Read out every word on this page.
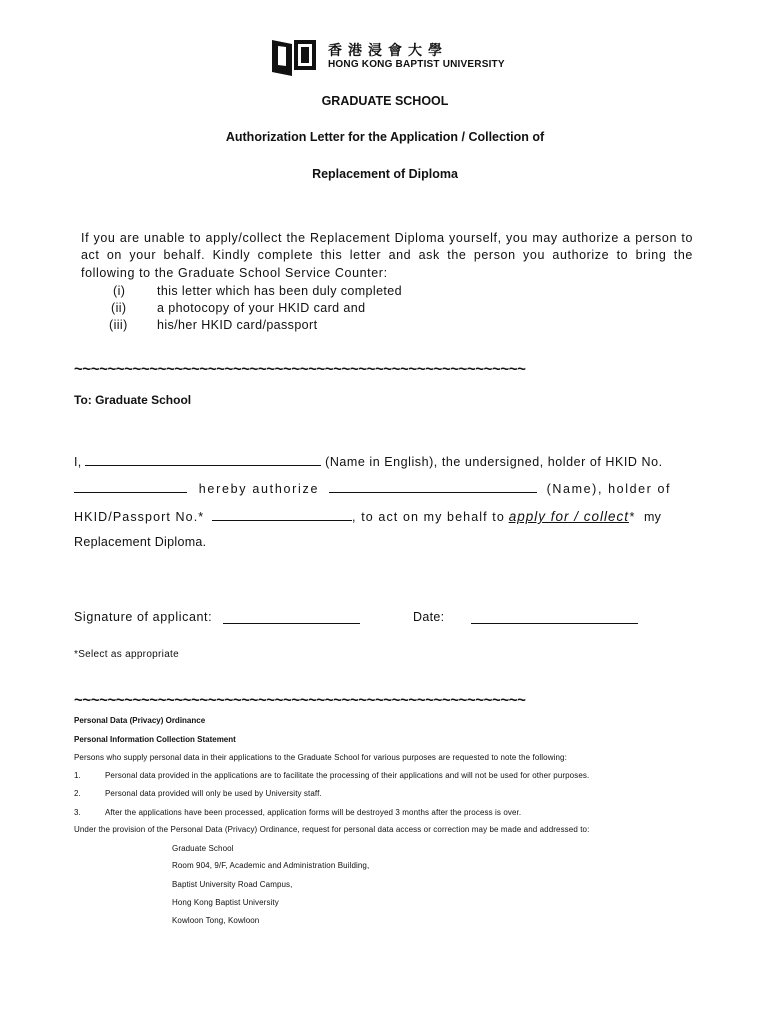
香港浸會大學
HONG KONG BAPTIST UNIVERSITY
GRADUATE SCHOOL
Authorization Letter for the Application / Collection of
Replacement of Diploma
If you are unable to apply/collect the Replacement Diploma yourself, you may authorize a person to act on your behalf. Kindly complete this letter and ask the person you authorize to bring the following to the Graduate School Service Counter:
(i)	this letter which has been duly completed
(ii) a photocopy of your HKID card and
(iii) his/her HKID card/passport
~~~~~~~~~~~~~~~~~~~~~~~~~~~~~~~~~~~~~~~~~~~~~~~~~~~~~~
To: Graduate School
I,	(Name in English), the undersigned, holder of HKID No.
hereby authorize	(Name), holder of
HKID/Passport No.*	, to act on my behalf to apply for / collect* my
Replacement Diploma.
Signature of applicant:	Date:
*Select as appropriate
~~~~~~~~~~~~~~~~~~~~~~~~~~~~~~~~~~~~~~~~~~~~~~~~~~~~~~
Personal Data (Privacy) Ordinance
Personal Information Collection Statement
Persons who supply personal data in their applications to the Graduate School for various purposes are requested to note the following:
1.	Personal data provided in the applications are to facilitate the processing of their applications and will not be used for other purposes.
2.	Personal data provided will only be used by University staff.
3.	After the applications have been processed, application forms will be destroyed 3 months after the process is over.
Under the provision of the Personal Data (Privacy) Ordinance, request for personal data access or correction may be made and addressed to:
Graduate School
Room 904, 9/F, Academic and Administration Building,
Baptist University Road Campus,
Hong Kong Baptist University
Kowloon Tong, Kowloon
